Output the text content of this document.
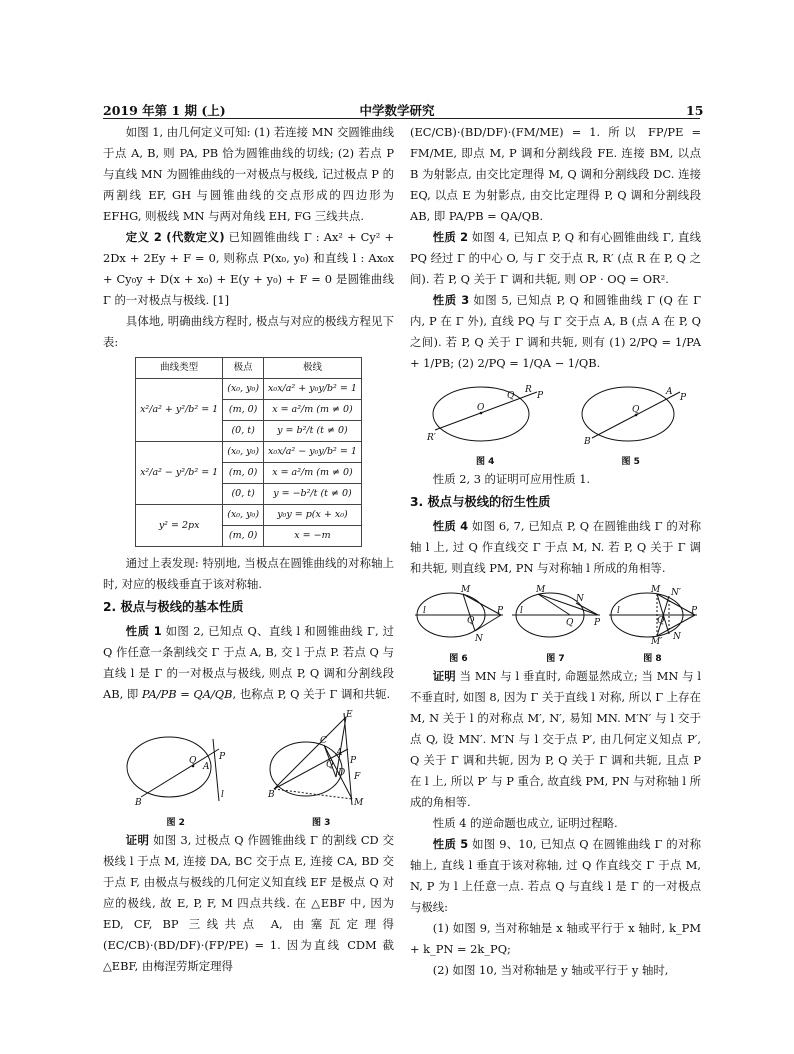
2019 年第 1 期 (上)	中学数学研究	15

如图 1, 由几何定义可知: (1) 若连接 MN 交圆锥曲线于点 A, B, 则 PA, PB 恰为圆锥曲线的切线; (2) 若点 P 与直线 MN 为圆锥曲线的一对极点与极线, 记过极点 P 的两割线 EF, GH 与圆锥曲线的交点形成的四边形为 EFHG, 则极线 MN 与两对角线 EH, FG 三线共点.

定义 2 (代数定义) 已知圆锥曲线 Γ : Ax² + Cy² + 2Dx + 2Ey + F = 0, 则称点 P(x₀, y₀) 和直线 l : Ax₀x + Cy₀y + D(x + x₀) + E(y + y₀) + F = 0 是圆锥曲线 Γ 的一对极点与极线. [1]

具体地, 明确曲线方程时, 极点与对应的极线方程见下表:

曲线类型	极点	极线
x²/a² + y²/b² = 1	(x₀, y₀)	x₀x/a² + y₀y/b² = 1
	(m, 0)	x = a²/m (m ≠ 0)
	(0, t)	y = b²/t (t ≠ 0)
x²/a² − y²/b² = 1	(x₀, y₀)	x₀x/a² − y₀y/b² = 1
	(m, 0)	x = a²/m (m ≠ 0)
	(0, t)	y = −b²/t (t ≠ 0)
y² = 2px	(x₀, y₀)	y₀y = p(x + x₀)
	(m, 0)	x = −m

通过上表发现: 特别地, 当极点在圆锥曲线的对称轴上时, 对应的极线垂直于该对称轴.

2. 极点与极线的基本性质

性质 1 如图 2, 已知点 Q、直线 l 和圆锥曲线 Γ, 过 Q 作任意一条割线交 Γ 于点 A, B, 交 l 于点 P. 若点 Q 与直线 l 是 Γ 的一对极点与极线, 则点 P, Q 调和分割线段 AB, 即 PA/PB = QA/QB, 也称点 P, Q 关于 Γ 调和共轭.

B
Q
A
P
l
图 2
E
C
A
Q
D
P
F
M
B
图 3

证明 如图 3, 过极点 Q 作圆锥曲线 Γ 的割线 CD 交极线 l 于点 M, 连接 DA, BC 交于点 E, 连接 CA, BD 交于点 F, 由极点与极线的几何定义知直线 EF 是极点 Q 对应的极线, 故 E, P, F, M 四点共线. 在 △EBF 中, 因为 ED, CF, BP 三线共点 A, 由塞瓦定理得 (EC/CB)·(BD/DF)·(FP/PE) = 1. 因为直线 CDM 截 △EBF, 由梅涅劳斯定理得

(EC/CB)·(BD/DF)·(FM/ME) = 1. 所以 FP/PE = FM/ME, 即点 M, P 调和分割线段 FE. 连接 BM, 以点 B 为射影点, 由交比定理得 M, Q 调和分割线段 DC. 连接 EQ, 以点 E 为射影点, 由交比定理得 P, Q 调和分割线段 AB, 即 PA/PB = QA/QB.

性质 2 如图 4, 已知点 P, Q 和有心圆锥曲线 Γ, 直线 PQ 经过 Γ 的中心 O, 与 Γ 交于点 R, R′ (点 R 在 P, Q 之间). 若 P, Q 关于 Γ 调和共轭, 则 OP · OQ = OR².

性质 3 如图 5, 已知点 P, Q 和圆锥曲线 Γ (Q 在 Γ 内, P 在 Γ 外), 直线 PQ 与 Γ 交于点 A, B (点 A 在 P, Q 之间). 若 P, Q 关于 Γ 调和共轭, 则有 (1) 2/PQ = 1/PA + 1/PB; (2) 2/PQ = 1/QA − 1/QB.

O
Q
R
P
R′
图 4
Q
A
P
B
图 5

性质 2, 3 的证明可应用性质 1.

3. 极点与极线的衍生性质

性质 4 如图 6, 7, 已知点 P, Q 在圆锥曲线 Γ 的对称轴 l 上, 过 Q 作直线交 Γ 于点 M, N. 若 P, Q 关于 Γ 调和共轭, 则直线 PM, PN 与对称轴 l 所成的角相等.

l
M
Q
N
P
图 6
l
M
N
Q P
图 7
l
M N′
Q
N
M′
P
图 8

证明 当 MN 与 l 垂直时, 命题显然成立; 当 MN 与 l 不垂直时, 如图 8, 因为 Γ 关于直线 l 对称, 所以 Γ 上存在 M, N 关于 l 的对称点 M′, N′, 易知 MN. M′N′ 与 l 交于点 Q, 设 MN′. M′N 与 l 交于点 P′, 由几何定义知点 P′, Q 关于 Γ 调和共轭, 因为 P, Q 关于 Γ 调和共轭, 且点 P 在 l 上, 所以 P′ 与 P 重合, 故直线 PM, PN 与对称轴 l 所成的角相等.

性质 4 的逆命题也成立, 证明过程略.

性质 5 如图 9、10, 已知点 Q 在圆锥曲线 Γ 的对称轴上, 直线 l 垂直于该对称轴, 过 Q 作直线交 Γ 于点 M, N, P 为 l 上任意一点. 若点 Q 与直线 l 是 Γ 的一对极点与极线:

(1) 如图 9, 当对称轴是 x 轴或平行于 x 轴时, k_PM + k_PN = 2k_PQ;

(2) 如图 10, 当对称轴是 y 轴或平行于 y 轴时,
